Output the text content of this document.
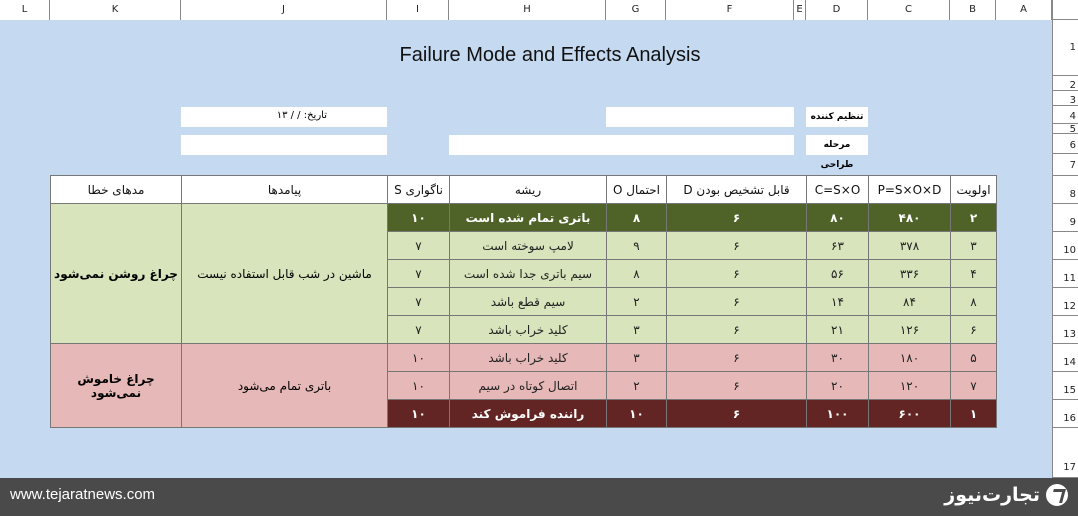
L	K	J	I	H	G	F	E	D	C	B	A
1
2
3
4
5
6
7
8
9
10
11
12
13
14
15
16
17
Failure Mode and Effects Analysis
تاریخ: / / ۱۳	تنظیم کننده
مرحله طراحی
مدهای خطا	پیامدها	ناگواری S	ریشه	احتمال O	قابل تشخیص بودن D	C=S×O	P=S×O×D	اولویت
چراغ روشن نمی‌شود	ماشین در شب قابل استفاده نیست	۱۰	باتری تمام شده است	۸	۶	۸۰	۴۸۰	۲
		۷	لامپ سوخته است	۹	۶	۶۳	۳۷۸	۳
		۷	سیم باتری جدا شده است	۸	۶	۵۶	۳۳۶	۴
		۷	سیم قطع باشد	۲	۶	۱۴	۸۴	۸
		۷	کلید خراب باشد	۳	۶	۲۱	۱۲۶	۶
چراغ خاموش نمی‌شود	باتری تمام می‌شود	۱۰	کلید خراب باشد	۳	۶	۳۰	۱۸۰	۵
		۱۰	اتصال کوتاه در سیم	۲	۶	۲۰	۱۲۰	۷
		۱۰	راننده فراموش کند	۱۰	۶	۱۰۰	۶۰۰	۱
www.tejaratnews.com	تجارت‌نیوز
